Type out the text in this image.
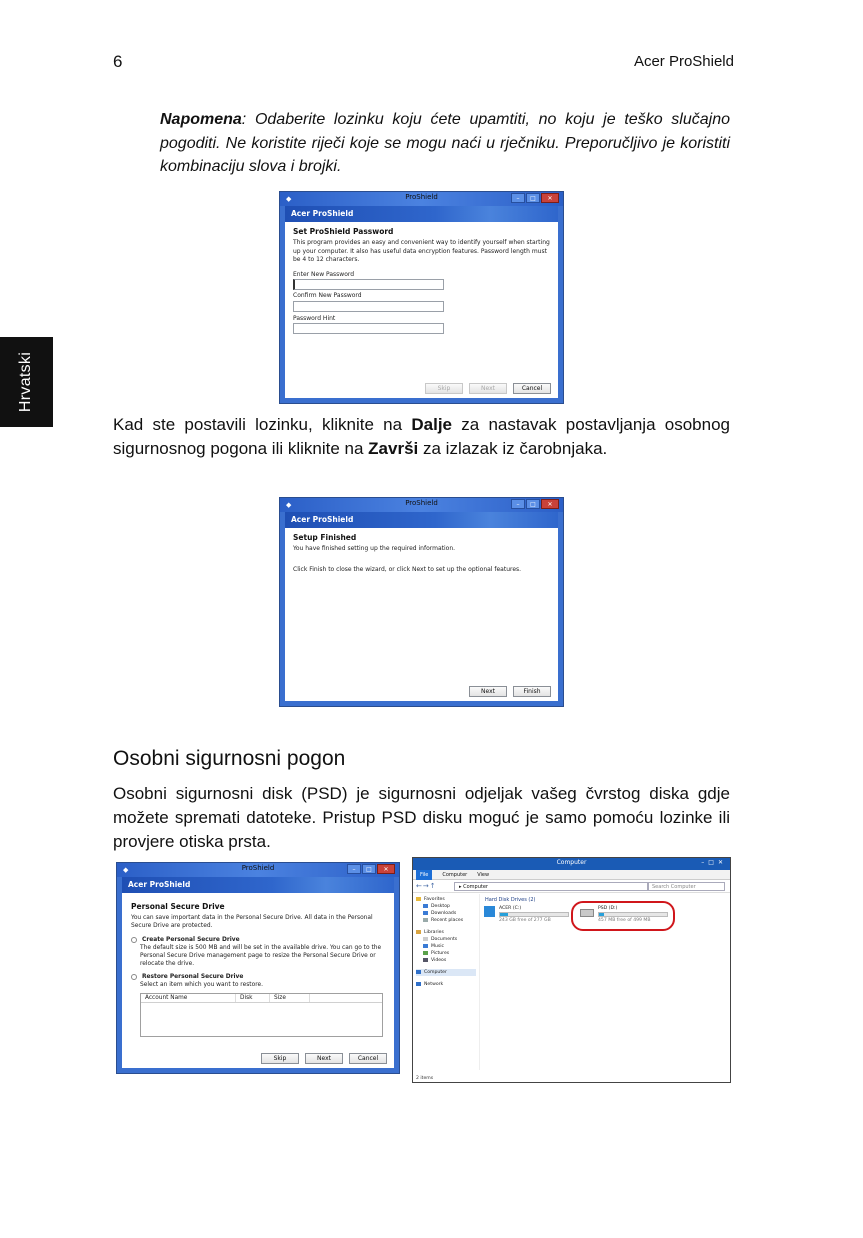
6	Acer ProShield
Hrvatski
Napomena: Odaberite lozinku koju ćete upamtiti, no koju je teško slučajno pogoditi. Ne koristite riječi koje se mogu naći u rječniku. Preporučljivo je koristiti kombinaciju slova i brojki.
◆	ProShield	–	□	✕
Acer ProShield
Set ProShield Password
This program provides an easy and convenient way to identify yourself when starting up your computer. It also has useful data encryption features. Password length must be 4 to 12 characters.
Enter New Password
Confirm New Password
Password Hint
Skip	Next	Cancel
Kad ste postavili lozinku, kliknite na Dalje za nastavak postavljanja osobnog sigurnosnog pogona ili kliknite na Završi za izlazak iz čarobnjaka.
◆	ProShield	–	□	✕
Acer ProShield
Setup Finished
You have finished setting up the required information.
Click Finish to close the wizard, or click Next to set up the optional features.
Next	Finish
Osobni sigurnosni pogon
Osobni sigurnosni disk (PSD) je sigurnosni odjeljak vašeg čvrstog diska gdje možete spremati datoteke. Pristup PSD disku moguć je samo pomoću lozinke ili provjere otiska prsta.
◆	ProShield	–	□	✕
Acer ProShield
Personal Secure Drive
You can save important data in the Personal Secure Drive. All data in the Personal Secure Drive are protected.
Create Personal Secure Drive
The default size is 500 MB and will be set in the available drive. You can go to the Personal Secure Drive management page to resize the Personal Secure Drive or relocate the drive.
Restore Personal Secure Drive
Select an item which you want to restore.
Account Name	Disk	Size
Skip	Next	Cancel
Computer	–□✕
File	Computer View
←→↑	▸ Computer	Search Computer
Favorites
Desktop
Downloads
Recent places
Libraries
Documents
Music
Pictures
Videos
Computer
Network
Hard Disk Drives (2)
ACER (C:)
243 GB free of 277 GB
PSD (D:)
457 MB free of 499 MB
2 items
